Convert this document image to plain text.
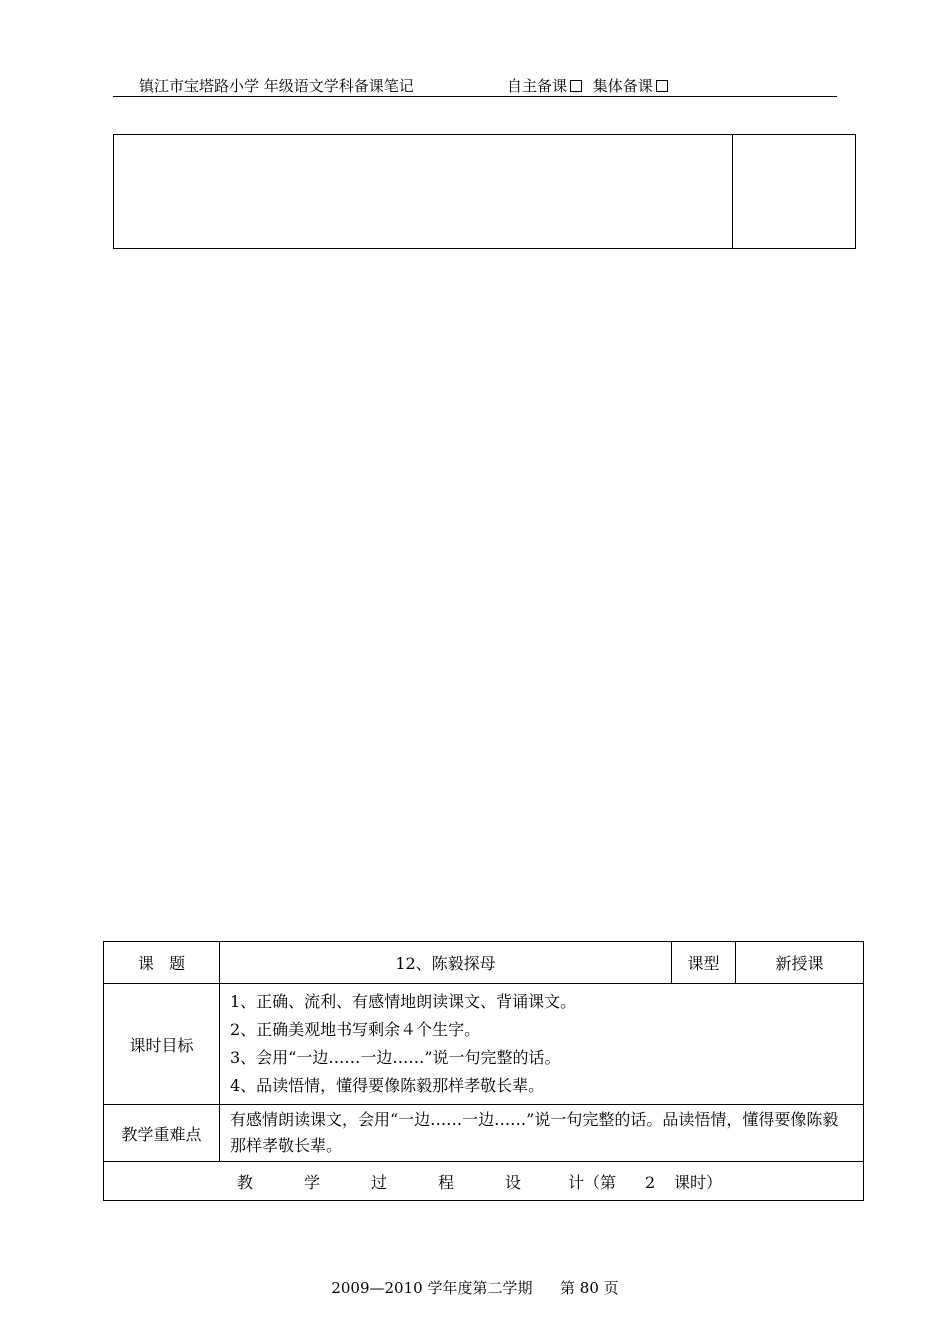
镇江市宝塔路小学 年级语文学科备课笔记	自主备课 集体备课
课   题	12、陈毅探母	课型	新授课
课时目标	1、正确、流利、有感情地朗读课文、背诵课文。
2、正确美观地书写剩余４个生字。
3、会用“一边……一边……”说一句完整的话。
4、品读悟情，懂得要像陈毅那样孝敬长辈。		

教学重难点	有感情朗读课文，会用“一边……一边……”说一句完整的话。品读悟情，懂得要像陈毅那样孝敬长辈。		
教 学 过 程 设 计（第 2 课时）			
2009—2010 学年度第二学期 第 80 页
